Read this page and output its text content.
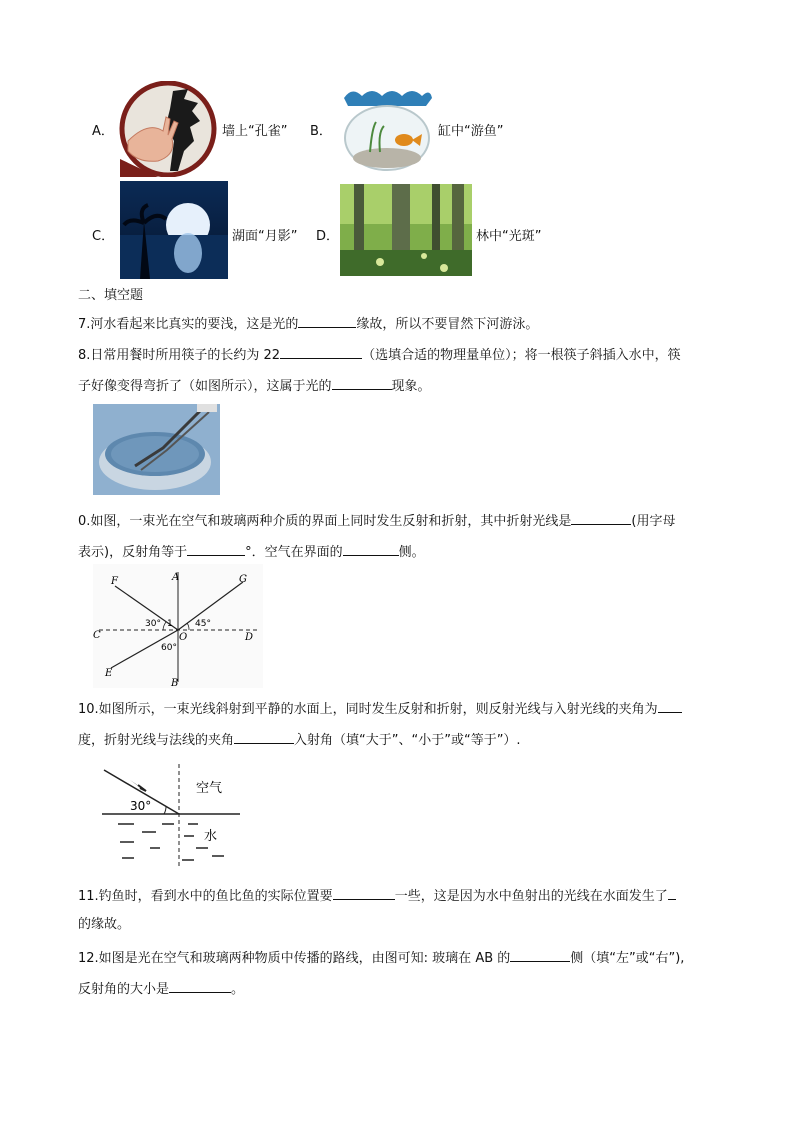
A．	墙上“孔雀” B．	缸中“游鱼”
C．	湖面“月影” D．	林中“光斑”
二、填空题
7.河水看起来比真实的要浅，这是光的	缘故，所以不要冒然下河游泳。
8.日常用餐时所用筷子的长约为 22	（选填合适的物理量单位）；将一根筷子斜插入水中，筷
子好像变得弯折了（如图所示），这属于光的	现象。
0.如图，一束光在空气和玻璃两种介质的界面上同时发生反射和折射，其中折射光线是	(用字母
表示)，反射角等于	°．空气在界面的	侧。
F	A	G
C	D
O
E
B
30° 1 45°
60°
10.如图所示，一束光线斜射到平静的水面上，同时发生反射和折射，则反射光线与入射光线的夹角为
度，折射光线与法线的夹角	入射角（填“大于”、“小于”或“等于”）.
30°
空气
水
11.钓鱼时，看到水中的鱼比鱼的实际位置要	一些，这是因为水中鱼射出的光线在水面发生了
的缘故。
12.如图是光在空气和玻璃两种物质中传播的路线，由图可知: 玻璃在 AB 的	侧（填“左”或“右”),
反射角的大小是	。
